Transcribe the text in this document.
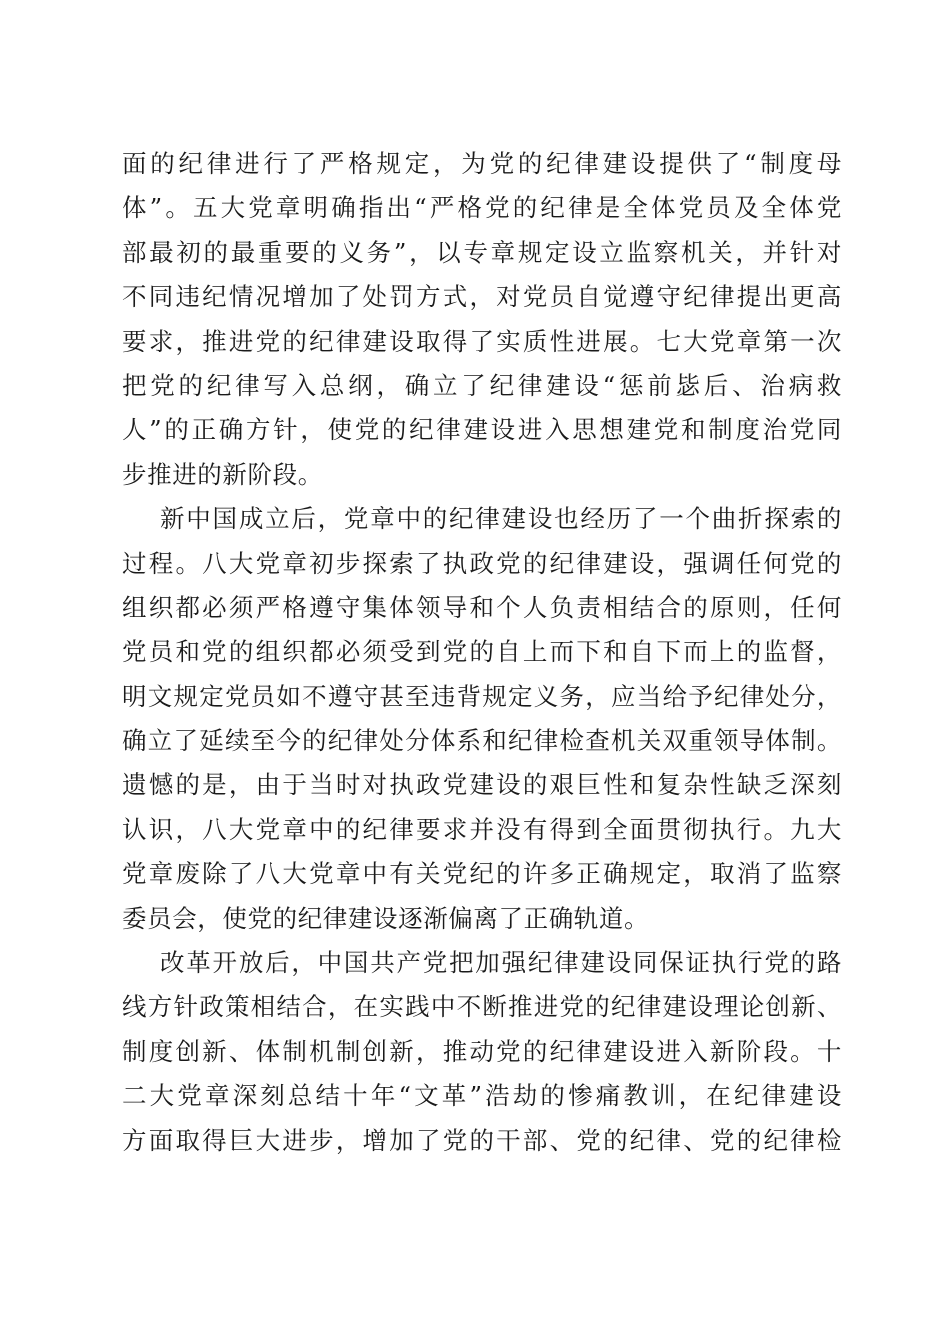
面的纪律进行了严格规定，为党的纪律建设提供了“制度母
体”。五大党章明确指出“严格党的纪律是全体党员及全体党
部最初的最重要的义务”，以专章规定设立监察机关，并针对
不同违纪情况增加了处罚方式，对党员自觉遵守纪律提出更高
要求，推进党的纪律建设取得了实质性进展。七大党章第一次
把党的纪律写入总纲，确立了纪律建设“惩前毖后、治病救
人”的正确方针，使党的纪律建设进入思想建党和制度治党同
步推进的新阶段。
新中国成立后，党章中的纪律建设也经历了一个曲折探索的
过程。八大党章初步探索了执政党的纪律建设，强调任何党的
组织都必须严格遵守集体领导和个人负责相结合的原则，任何
党员和党的组织都必须受到党的自上而下和自下而上的监督，
明文规定党员如不遵守甚至违背规定义务，应当给予纪律处分，
确立了延续至今的纪律处分体系和纪律检查机关双重领导体制。
遗憾的是，由于当时对执政党建设的艰巨性和复杂性缺乏深刻
认识，八大党章中的纪律要求并没有得到全面贯彻执行。九大
党章废除了八大党章中有关党纪的许多正确规定，取消了监察
委员会，使党的纪律建设逐渐偏离了正确轨道。
改革开放后，中国共产党把加强纪律建设同保证执行党的路
线方针政策相结合，在实践中不断推进党的纪律建设理论创新、
制度创新、体制机制创新，推动党的纪律建设进入新阶段。十
二大党章深刻总结十年“文革”浩劫的惨痛教训，在纪律建设
方面取得巨大进步，增加了党的干部、党的纪律、党的纪律检
